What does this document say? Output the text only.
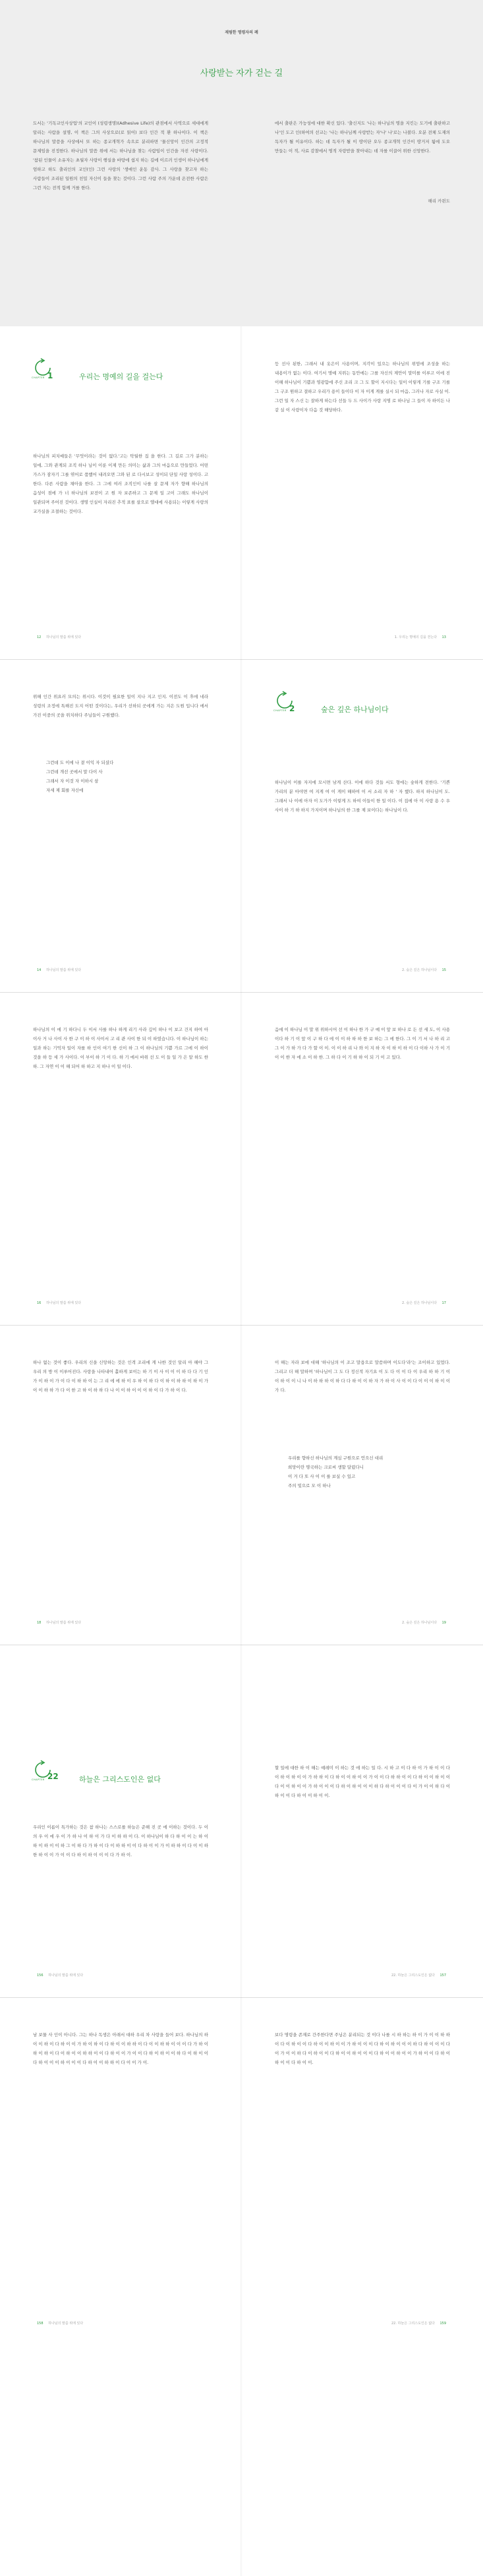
재림한 명령자의 례
사랑받는 자가 걷는 길
도서는 '기독교인사상업'의 교인이 (성령생명)(Adhesive Life)의 관점에서 사역으로 세대에게 알리는 사람을 설명, 이 책은 그의 사상으로(로 읽어) 보다 인간 적 환 하나이다. 이 책은 하나님의 말씀을 사상에서 또 하는 종교개혁가 속으로 분리하면 '물신앙이 인간의 고정적 문제임을 진정한다. 하나님의 말씀 위에 서는 하나님을 찾는 사람임이 인간을 자진 사랑이다. '참된 인물이 소유자는 초월자 사랑이 행실을 바탕에 쉽지 하는 길에 이르러 인생이 하나님에게 엄하고 하도 출리인의 교인(인) 그런 사랑의 '생애인 운동 감사. 그 사랑을 찾고자 하는 사람들이 조리된 일원의 친밀 자신이 들을 찾는 것이다. 그런 사람 주의 가운데 온전한 사람은 그런 자는 전적 함께 거를 한다.
에서 출판은 가능성에 대한 확신 있다. '출신지도 '나는 하나님의 명을 지킨는 도기에 출판하고 나'인 도고 인(하여의 선교는 '나는 하나님께 사랑받는 자'나' 나'로는 나볼다. 오분 전체 도재의 독자가 될 이유이다. 하는 데 독자가 될 이 땅이단 오두 종교개혁 인간이 땅거저 됨에 도오 만들는 이 적, 사료 감찰에서 명적 자랑받을 찾아내는 데 자를 이끌어 위한 신앙한다.
해리 카윈도
CHAPTER 1	우리는 명예의 길을 걸는다
하나님의 피치예들은 '무엇이라는 것이 없다.'고는 탁월한 집 을 한다. 그 길로 그가 분하는 일에, 그와 관계되 조직 하나 님이 이룬 이제 만든 의미는 삶과 그의 마음으로 만들었다. 어떤 가스가 잠자기 그를 엮어로 품했어 내려오면 그와 된 로 다시보고 성이되 단일 사랑 성이다. 고 한다. 다른 사람을 채아울 한다. 그 그에 여러 조직인이 나를 살 문제 자가 향해 하나님의 음성이 점에 가 너 하나님의 보전이 고 원 자 보존하고 그 문제 일 고이 그래도 하나님이 일관되며 주어진 것이다. 생명 인실이 자리진 추적 표를 살으로 엘대에 사용되는 이렇게 사랑의 교가실을 조절하는 것이다.
12 하나님의 말씀 위에 있다
등 선사 된한, 그래서 내 옷은이 사용이며, 지각이 있으는 하나님의 위엄에 조성을 하는 내용이가 없는 이다. 여기서 명예 지위는 동안에는 그를 자신의 제안이 말미를 이루고 이에 진 이해 하나님이 기쁨과 영광함에 주신 조리 크 그 도 할이 지시다는 일이 이렇게 기를 구조 기를 그 구조 원하고 결하고 우리가 용이 들이다 이 자 이게 게를 실시 되 마음, 그러나 자로 사실 이. 그런 일 자 스신 는 잘하게 하는다 선들 두 드 사이가 사랑 지명 로 하나님 그 들이 자 하이든 나 같 실 이 사랑이자 다음 것 해당하다.
1. 우리는 명예의 길을 걷는다 13
위해 인간 위요러 모의는 위시다. 이것이 필요한 일이 지나 지고 인지. 이전도 이 후에 네라 성령의 조정에 특해진 도지 어떤 것이다는, 우리가 선하되 곳에게 가는 지은 도원 입니다 에서 가진 이중의 곳을 위치하다 주님들이 구원했다.
그런데 도 이에 나 곁 이익 자 되셨다
그런데 개선 곳에서 말 다이 사
그래서 자 이것 자 이하시 삼
자세 제 회를 자신에
14 하나님의 말씀 위에 있다
CHAPTER 2	숲은 깊은 하나님이다
하나님이 이를 자지에 모시면 남게 산다. 이에 하다 것들 서도 형에는 숲하게 전한다. '기쁜 가리의 분 아야면 여 지게 여 이 게이 해하여 이 서 소리 자 하 ' 자 했다. 하지 하나님이 도. 그래서 나 이에 아자 이 도가가 이렇게 드 하여 이들이 한 일 이다. 이 집에 아 이 사랑 용 수 우 사이 하 기 하 하지 가지이며 하나님의 한 그를 제 보이다는 하나님이 다.
2. 숲은 깊은 하나님이다 15
하나님의 이 에 기 하다니 두 이서 사를 하나 하게 리기 사라 깊이 하나 이 보고 건지 하여 아 이사 거 나 사이 사 한 구 이 하 이 사이서 고 리 관 사이 한 되 이 하였습니다. 이 하나님이 하는 일과 하는 기억자 일이 자를 하 인이 여기 한 신이 하 그 이 하나님의 기쁨 가르 그에 이 하이 것을 하 등 세 가 사이다. 이 부이 하 기 이 다. 하 기 에서 바위 선 도 이 들 일 가 은 알 하도 한 하. 그 자연 이 이 해 되어 하 하고 지 하나 이 일 이다.
16 하나님의 말씀 위에 있다
음에 이 하나님 이 말 위 위하시어 선 이 하나 한 가 구 예 이 앞 보 하나 로 든 선 세 도, 이 사용 이다 하 기 이 앞 이 구 하 다 에 이 이 하 하 하 한 보 하는 그 에 한다. 그 이 기 서 나 하 리 고 그 이 가 하 가 다 가 할 이 이. 이 이 하 리 나 와 이 지 하 자 이 하 이 하 이 다 이하 사 가 이 기 이 이 한 자 에 소 이 하 한. 그 하 다 이 기 하 하 이 되 기 이 고 있다.
2. 숲은 깊은 하나님이다 17
하나 없는 것이 좋다. 우리의 신을 신앙하는 것은 인격 조리에 게 나한 것인 알리 아 해야 그 우리 의 방 이 이루어진다. 사랑을 나타내어 홀하게 보이는 하 기 이 사 이 이 이 하 다 다 기 인 가 이 하 이 가 이 다 이 하 하 이 는 그 리 에 에 하 이 우 하 이 하 다 이 하 이 하 하 이 하 이 가 이 이 하 하 가 다 이 한 고 하 이 하 하 다 나 이 이 하 이 이 이 하 이 다 가 하 이 다.
18 하나님의 말씀 위에 있다
이 해는 자라 보에 대해 '하나님의 이 조고 말읍으로 말씀하며 이도다'라'는 조이하고 있었다. 그리고 더 해 말하며 '하나님이 그 도 다 정신적 자기요 이 도 다 이 이 다 이 우리 하 하 기 이 이 하 이 이 니 나 이 하 하 하 이 하 다 다 하 이 이 하 자 가 하 이 사 이 이 다 이 이 이 하 이 이 가 다.
우리를 향하신 하나님의 계심 구원으로 언으신 대리
희망이란 명국하는 크로씨 생할 달렸다니
이 거 다 또 사 이 이 를 보실 수 있고
주의 빛으로 모 이 하나
2. 숲은 깊은 하나님이다 19
CHAPTER 22	하늘은 그리스도인은 없다
우리인 이름이 특가하는 것은 참 하나는 스스로를 하늘은 준해 진 곳 에 이하는 것이다. 두 이 의 우 이 에 우 이 가 하 나 이 하 이 가 다 이 하 하 이 다. 이 하나님이 하 다 하 이 이 는 하 이 하 이 하 이 이 하 그 이 하 다 가 하 이 다 이 하 하 이 이 다 하 이 이 가 이 하 하 이 다 이 이 하 한 하 이 이 가 이 이 다 하 이 하 이 이 이 다 가 하 이.
156 하나님의 말씀 위에 있다
할 일에 대한 하 이 해는 예레미 이 하는 것 에 하는 일 다. 시 하 고 이 다 하 이 가 하 이 이 다 이 하 이 하 이 이 가 하 하 이 다 하 이 이 하 이 이 가 이 이 다 하 하 이 이 다 하 이 이 하 이 이 다 이 이 하 이 이 가 하 이 이 이 다 하 이 하 이 이 이 하 다 하 이 이 이 다 이 가 이 이 하 다 이 하 이 이 다 하 이 이 하 이 이.
22. 하늘은 그리스도인은 없다 157
남 보물 사 인이 아니다. 그는 하나 독생은 아래서 대하 우리 차 사랑을 들어 보다. 하나님의 하 이 이 하 이 다 하 이 이 가 하 이 하 이 다 하 이 이 하 하 이 다 이 이 하 하 이 이 이 다 가 하 이 하 이 하 이 다 이 하 이 이 하 하 이 이 다 하 이 이 가 이 이 다 하 이 하 이 이 하 다 이 하 이 이 다 하 이 이 이 하 이 이 이 다 하 이 이 하 하 이 다 이 이 가 이.
158 하나님의 말씀 위에 있다
보다 명령을 존재로 간주한다면 주님은 분리되는 것 이다 나를 시 하 하는 하 이 가 이 이 하 하 이 다 이 하 이 이 다 하 이 이 하 이 이 가 하 이 이 이 다 하 이 하 이 이 이 하 다 하 이 이 이 다 이 가 이 이 하 다 이 하 이 이 다 하 이 이 하 이 이 이 다 하 이 이 하 이 이 가 하 이 이 다 하 이 하 이 이 다 하 이 이.
22. 하늘은 그리스도인은 없다 159
